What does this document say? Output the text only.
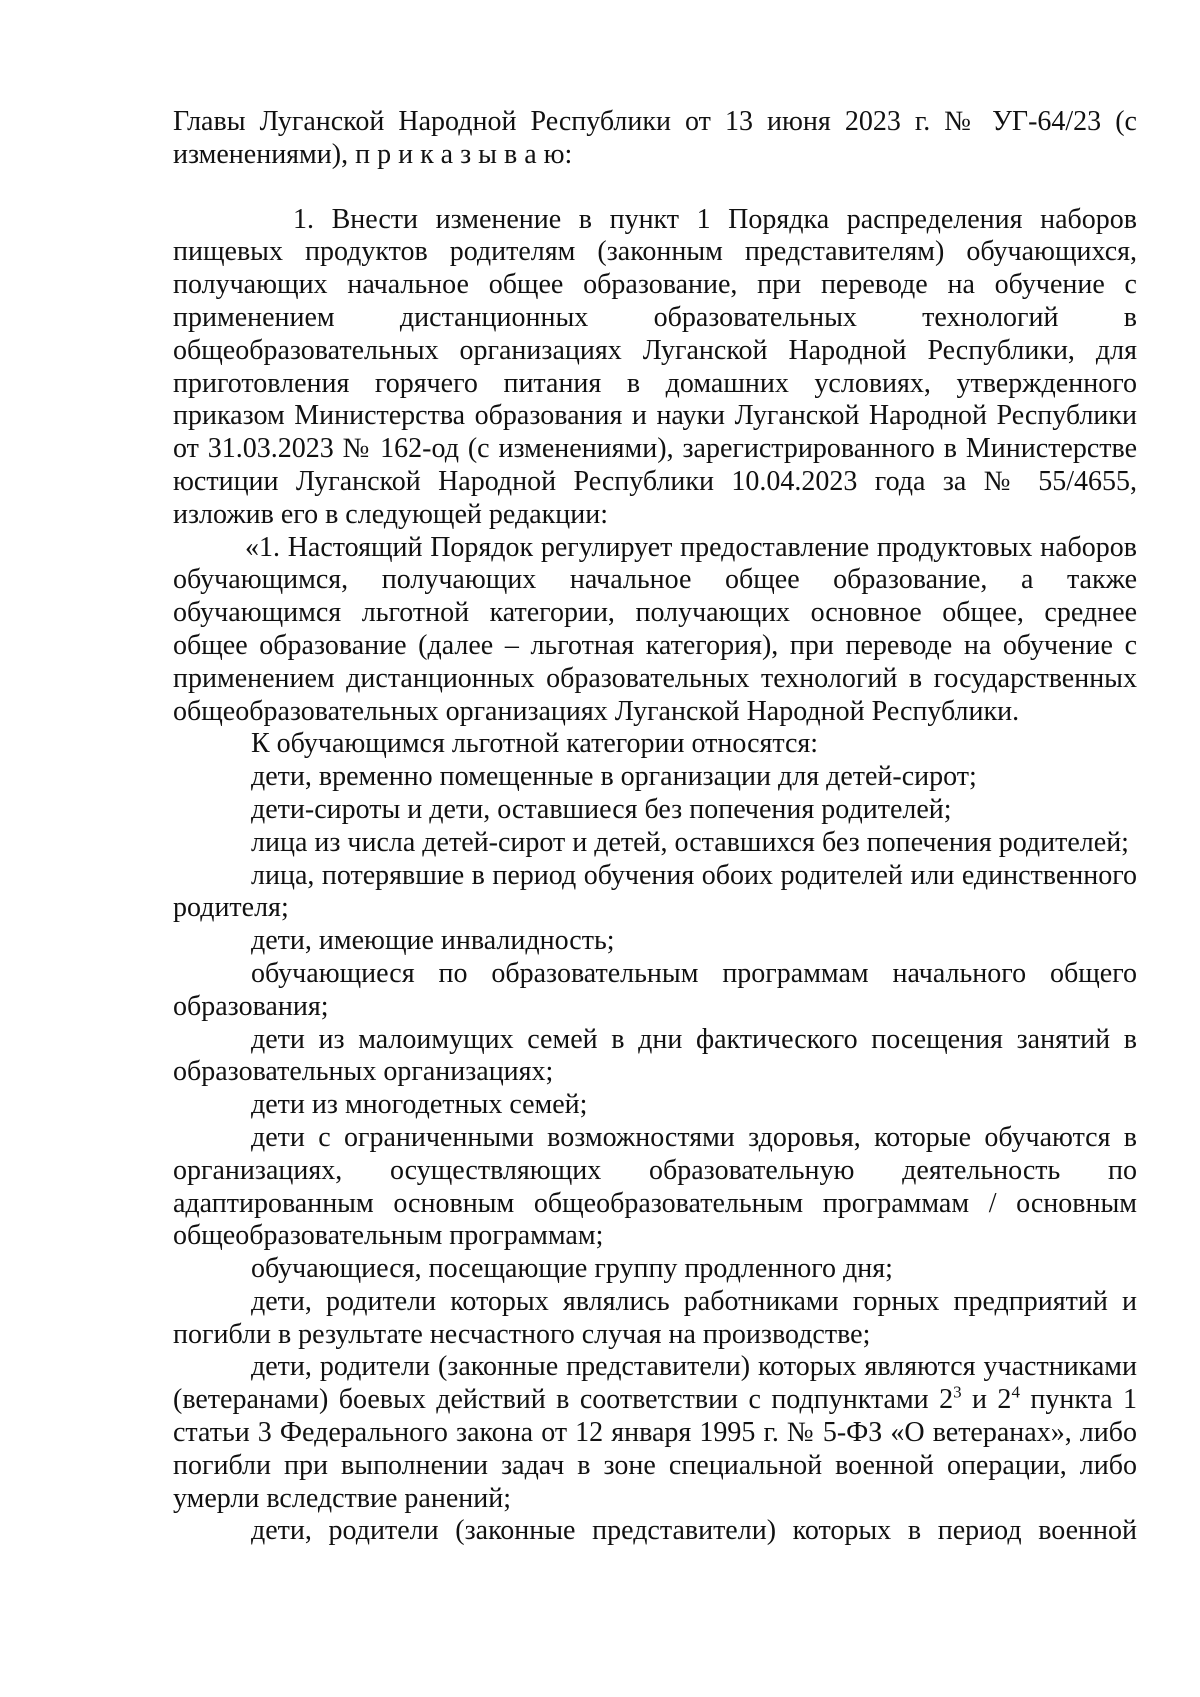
Главы Луганской Народной Республики от 13 июня 2023 г. № УГ-64/23 (с изменениями), п р и к а з ы в а ю:

1. Внести изменение в пункт 1 Порядка распределения наборов пищевых продуктов родителям (законным представителям) обучающихся, получающих начальное общее образование, при переводе на обучение с применением дистанционных образовательных технологий в общеобразовательных организациях Луганской Народной Республики, для приготовления горячего питания в домашних условиях, утвержденного приказом Министерства образования и науки Луганской Народной Республики от 31.03.2023 № 162-од (с изменениями), зарегистрированного в Министерстве юстиции Луганской Народной Республики 10.04.2023 года за № 55/4655, изложив его в следующей редакции:

«1. Настоящий Порядок регулирует предоставление продуктовых наборов обучающимся, получающих начальное общее образование, а также обучающимся льготной категории, получающих основное общее, среднее общее образование (далее – льготная категория), при переводе на обучение с применением дистанционных образовательных технологий в государственных общеобразовательных организациях Луганской Народной Республики.

К обучающимся льготной категории относятся:

дети, временно помещенные в организации для детей-сирот;

дети-сироты и дети, оставшиеся без попечения родителей;

лица из числа детей-сирот и детей, оставшихся без попечения родителей;

лица, потерявшие в период обучения обоих родителей или единственного родителя;

дети, имеющие инвалидность;

обучающиеся по образовательным программам начального общего образования;

дети из малоимущих семей в дни фактического посещения занятий в образовательных организациях;

дети из многодетных семей;

дети с ограниченными возможностями здоровья, которые обучаются в организациях, осуществляющих образовательную деятельность по адаптированным основным общеобразовательным программам / основным общеобразовательным программам;

обучающиеся, посещающие группу продленного дня;

дети, родители которых являлись работниками горных предприятий и погибли в результате несчастного случая на производстве;

дети, родители (законные представители) которых являются участниками (ветеранами) боевых действий в соответствии с подпунктами $2^3$ и $2^4$ пункта 1 статьи 3 Федерального закона от 12 января 1995 г. № 5-ФЗ «О ветеранах», либо погибли при выполнении задач в зоне специальной военной операции, либо умерли вследствие ранений;

дети, родители (законные представители) которых в период военной
